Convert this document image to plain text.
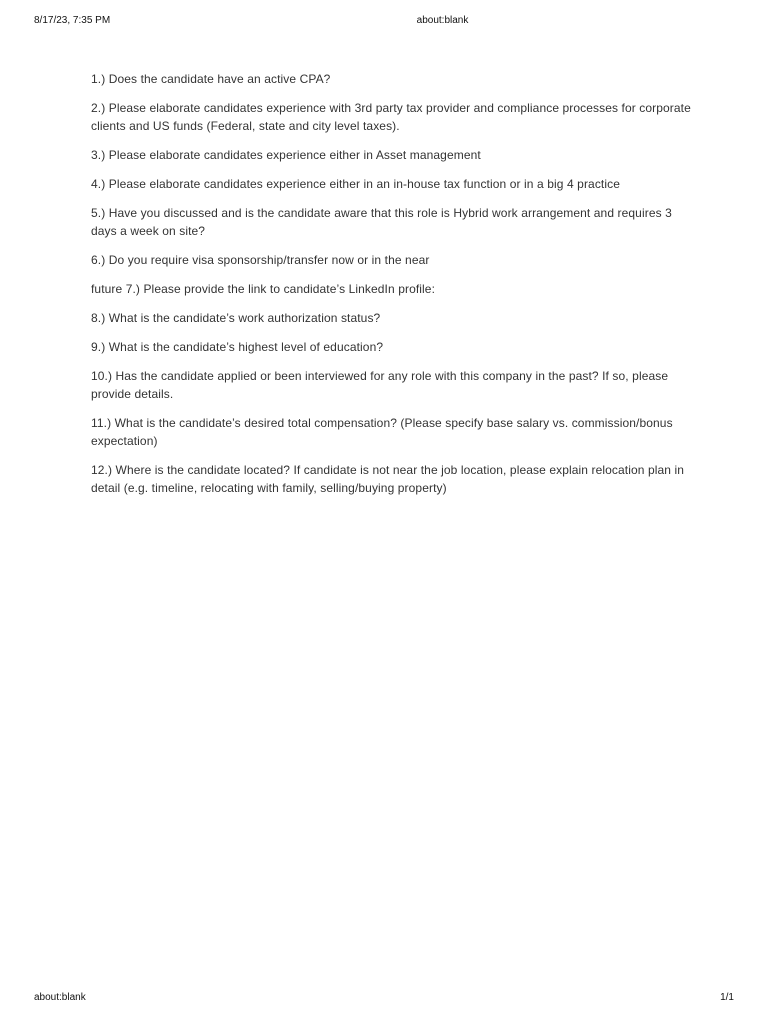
8/17/23, 7:35 PM	about:blank

1.) Does the candidate have an active CPA?

2.) Please elaborate candidates experience with 3rd party tax provider and compliance processes for corporate clients and US funds (Federal, state and city level taxes).

3.) Please elaborate candidates experience either in Asset management

4.) Please elaborate candidates experience either in an in-house tax function or in a big 4 practice

5.) Have you discussed and is the candidate aware that this role is Hybrid work arrangement and requires 3 days a week on site?

6.) Do you require visa sponsorship/transfer now or in the near

future 7.) Please provide the link to candidate’s LinkedIn profile:

8.) What is the candidate’s work authorization status?

9.) What is the candidate’s highest level of education?

10.) Has the candidate applied or been interviewed for any role with this company in the past? If so, please provide details.

11.) What is the candidate’s desired total compensation? (Please specify base salary vs. commission/bonus expectation)

12.) Where is the candidate located? If candidate is not near the job location, please explain relocation plan in detail (e.g. timeline, relocating with family, selling/buying property)

about:blank	1/1
